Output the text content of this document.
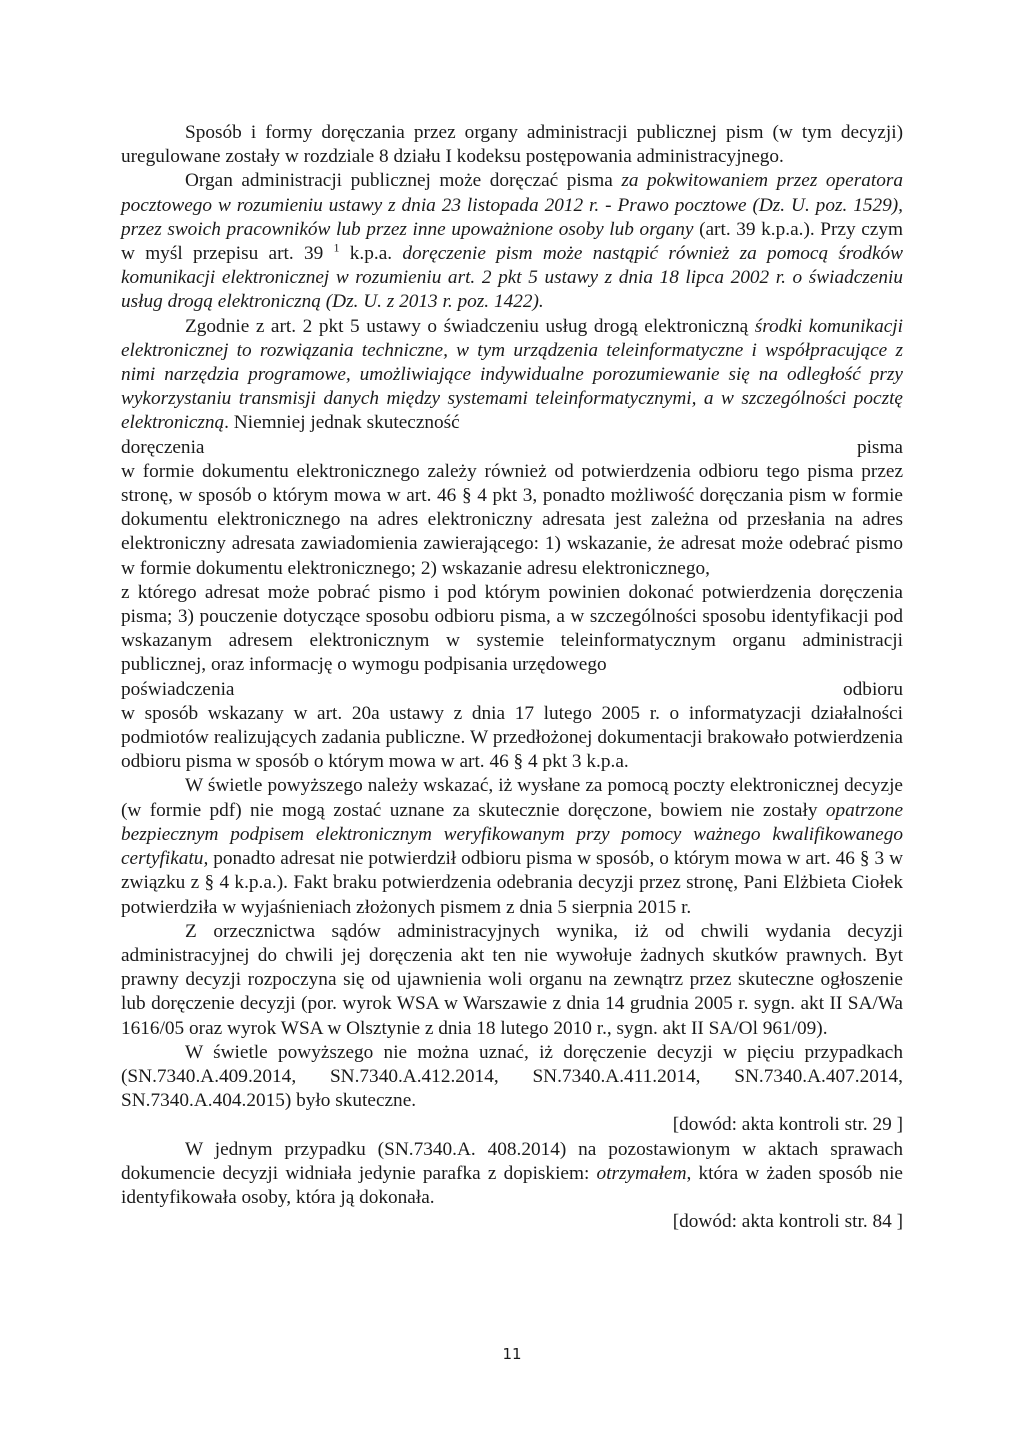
Sposób i formy doręczania przez organy administracji publicznej pism (w tym decyzji) uregulowane zostały w rozdziale 8 działu I kodeksu postępowania administracyjnego.

Organ administracji publicznej może doręczać pisma za pokwitowaniem przez operatora pocztowego w rozumieniu ustawy z dnia 23 listopada 2012 r. - Prawo pocztowe (Dz. U. poz. 1529), przez swoich pracowników lub przez inne upoważnione osoby lub organy (art. 39 k.p.a.). Przy czym w myśl przepisu art. 39 $^1$ k.p.a. doręczenie pism może nastąpić również za pomocą środków komunikacji elektronicznej w rozumieniu art. 2 pkt 5 ustawy z dnia 18 lipca 2002 r. o świadczeniu usług drogą elektroniczną (Dz. U. z 2013 r. poz. 1422).

Zgodnie z art. 2 pkt 5 ustawy o świadczeniu usług drogą elektroniczną środki komunikacji elektronicznej to rozwiązania techniczne, w tym urządzenia teleinformatyczne i współpracujące z nimi narzędzia programowe, umożliwiające indywidualne porozumiewanie się na odległość przy wykorzystaniu transmisji danych między systemami teleinformatycznymi, a w szczególności pocztę elektroniczną. Niemniej jednak skuteczność

doręczenia	pisma

w formie dokumentu elektronicznego zależy również od potwierdzenia odbioru tego pisma przez stronę, w sposób o którym mowa w art. 46 § 4 pkt 3, ponadto możliwość doręczania pism w formie dokumentu elektronicznego na adres elektroniczny adresata jest zależna od przesłania na adres elektroniczny adresata zawiadomienia zawierającego: 1) wskazanie, że adresat może odebrać pismo w formie dokumentu elektronicznego; 2) wskazanie adresu elektronicznego,

z którego adresat może pobrać pismo i pod którym powinien dokonać potwierdzenia doręczenia pisma; 3) pouczenie dotyczące sposobu odbioru pisma, a w szczególności sposobu identyfikacji pod wskazanym adresem elektronicznym w systemie teleinformatycznym organu administracji publicznej, oraz informację o wymogu podpisania urzędowego

poświadczenia	odbioru

w sposób wskazany w art. 20a ustawy z dnia 17 lutego 2005 r. o informatyzacji działalności podmiotów realizujących zadania publiczne. W przedłożonej dokumentacji brakowało potwierdzenia odbioru pisma w sposób o którym mowa w art. 46 § 4 pkt 3 k.p.a.

W świetle powyższego należy wskazać, iż wysłane za pomocą poczty elektronicznej decyzje (w formie pdf) nie mogą zostać uznane za skutecznie doręczone, bowiem nie zostały opatrzone bezpiecznym podpisem elektronicznym weryfikowanym przy pomocy ważnego kwalifikowanego certyfikatu, ponadto adresat nie potwierdził odbioru pisma w sposób, o którym mowa w art. 46 § 3 w związku z § 4 k.p.a.). Fakt braku potwierdzenia odebrania decyzji przez stronę, Pani Elżbieta Ciołek potwierdziła w wyjaśnieniach złożonych pismem z dnia 5 sierpnia 2015 r.

Z orzecznictwa sądów administracyjnych wynika, iż od chwili wydania decyzji administracyjnej do chwili jej doręczenia akt ten nie wywołuje żadnych skutków prawnych. Byt prawny decyzji rozpoczyna się od ujawnienia woli organu na zewnątrz przez skuteczne ogłoszenie lub doręczenie decyzji (por. wyrok WSA w Warszawie z dnia 14 grudnia 2005 r. sygn. akt II SA/Wa 1616/05 oraz wyrok WSA w Olsztynie z dnia 18 lutego 2010 r., sygn. akt II SA/Ol 961/09).

W świetle powyższego nie można uznać, iż doręczenie decyzji w pięciu przypadkach (SN.7340.A.409.2014, SN.7340.A.412.2014, SN.7340.A.411.2014, SN.7340.A.407.2014, SN.7340.A.404.2015) było skuteczne.

[dowód: akta kontroli str. 29 ]

W jednym przypadku (SN.7340.A. 408.2014) na pozostawionym w aktach sprawach dokumencie decyzji widniała jedynie parafka z dopiskiem: otrzymałem, która w żaden sposób nie identyfikowała osoby, która ją dokonała.

[dowód: akta kontroli str. 84 ]

11
